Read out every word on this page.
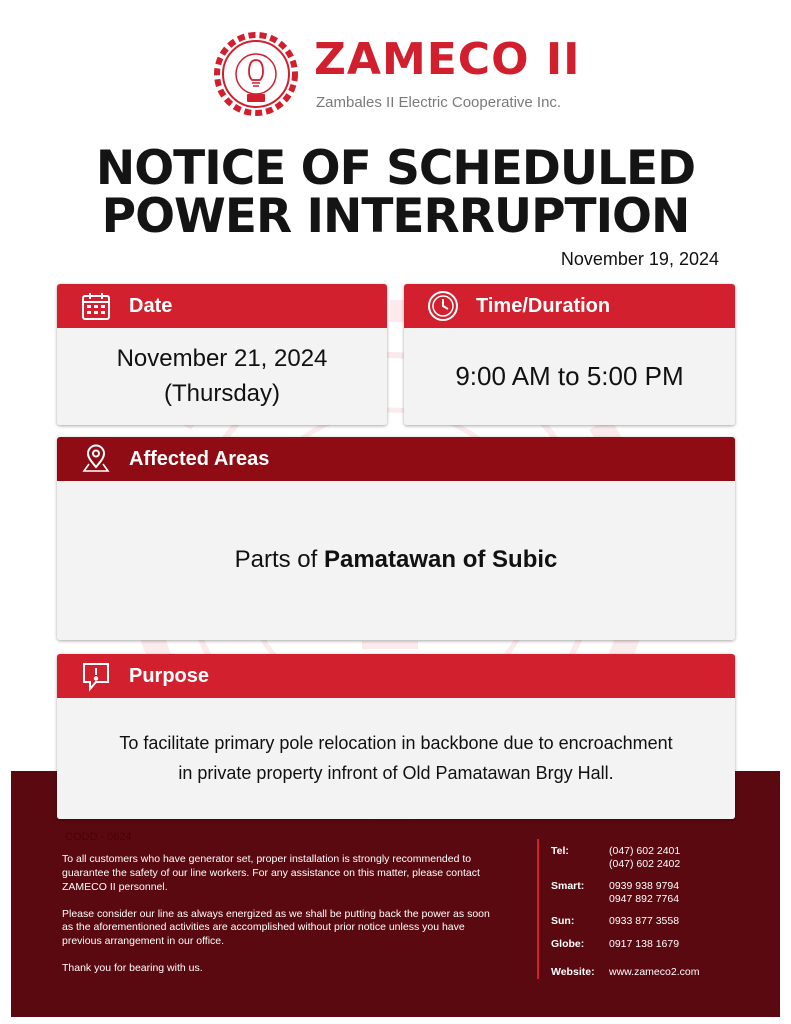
ZAMECO II
Zambales II Electric Cooperative Inc.
NOTICE OF SCHEDULED
POWER INTERRUPTION
November 19, 2024
Date
November 21, 2024
(Thursday)
Time/Duration
9:00 AM to 5:00 PM
Affected Areas
Parts of Pamatawan of Subic
Purpose
To facilitate primary pole relocation in backbone due to encroachment
in private property infront of Old Pamatawan Brgy Hall.
CODD - 0624

To all customers who have generator set, proper installation is strongly recommended to guarantee the safety of our line workers. For any assistance on this matter, please contact ZAMECO II personnel.

Please consider our line as always energized as we shall be putting back the power as soon as the aforementioned activities are accomplished without prior notice unless you have previous arrangement in our office.

Thank you for bearing with us.

Tel:	(047) 602 2401
(047) 602 2402
Smart: 0939 938 9794
0947 892 7764
Sun:	0933 877 3558
Globe: 0917 138 1679
Website: www.zameco2.com
